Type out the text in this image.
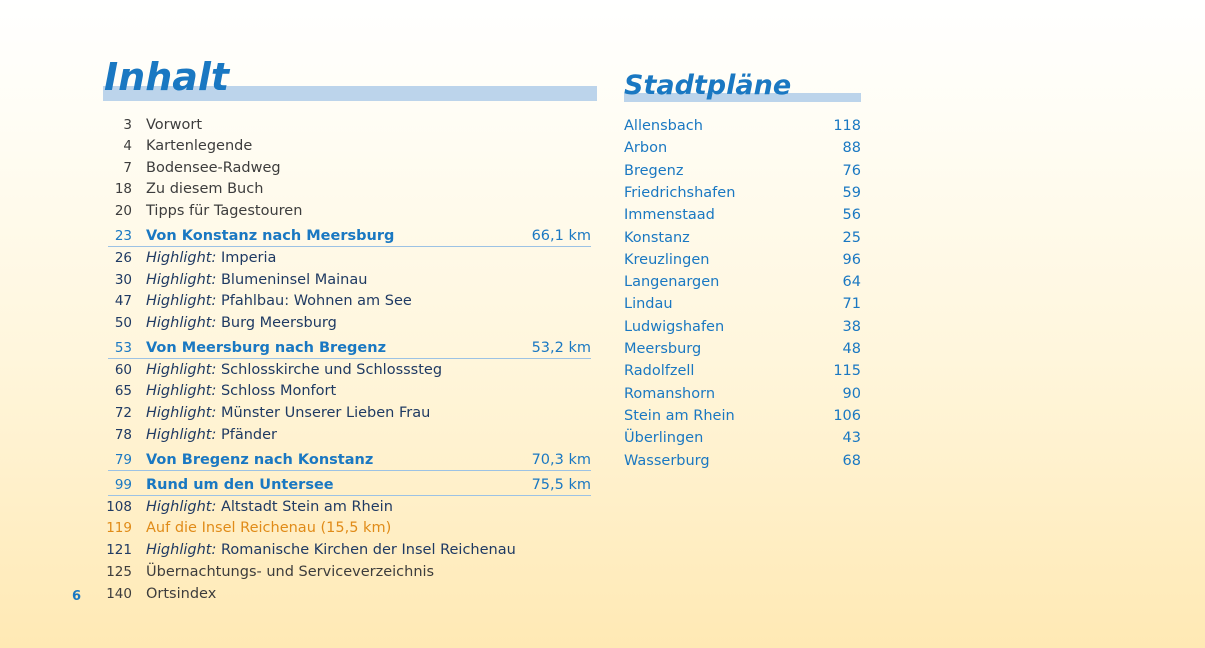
Inhalt	Stadtpläne
3 Vorwort
4 Kartenlegende
7 Bodensee-Radweg
18 Zu diesem Buch
20 Tipps für Tagestouren
23 Von Konstanz nach Meersburg	66,1 km
26 Highlight: Imperia
30 Highlight: Blumeninsel Mainau
47 Highlight: Pfahlbau: Wohnen am See
50 Highlight: Burg Meersburg
53 Von Meersburg nach Bregenz	53,2 km
60 Highlight: Schlosskirche und Schlosssteg
65 Highlight: Schloss Monfort
72 Highlight: Münster Unserer Lieben Frau
78 Highlight: Pfänder
79 Von Bregenz nach Konstanz	70,3 km
99 Rund um den Untersee	75,5 km
108 Highlight: Altstadt Stein am Rhein
119 Auf die Insel Reichenau (15,5 km)
121 Highlight: Romanische Kirchen der Insel Reichenau
125 Übernachtungs- und Serviceverzeichnis
140 Ortsindex
Allensbach	118
Arbon	88
Bregenz	76
Friedrichshafen	59
Immenstaad	56
Konstanz	25
Kreuzlingen	96
Langenargen	64
Lindau	71
Ludwigshafen	38
Meersburg	48
Radolfzell	115
Romanshorn	90
Stein am Rhein	106
Überlingen	43
Wasserburg	68
6
